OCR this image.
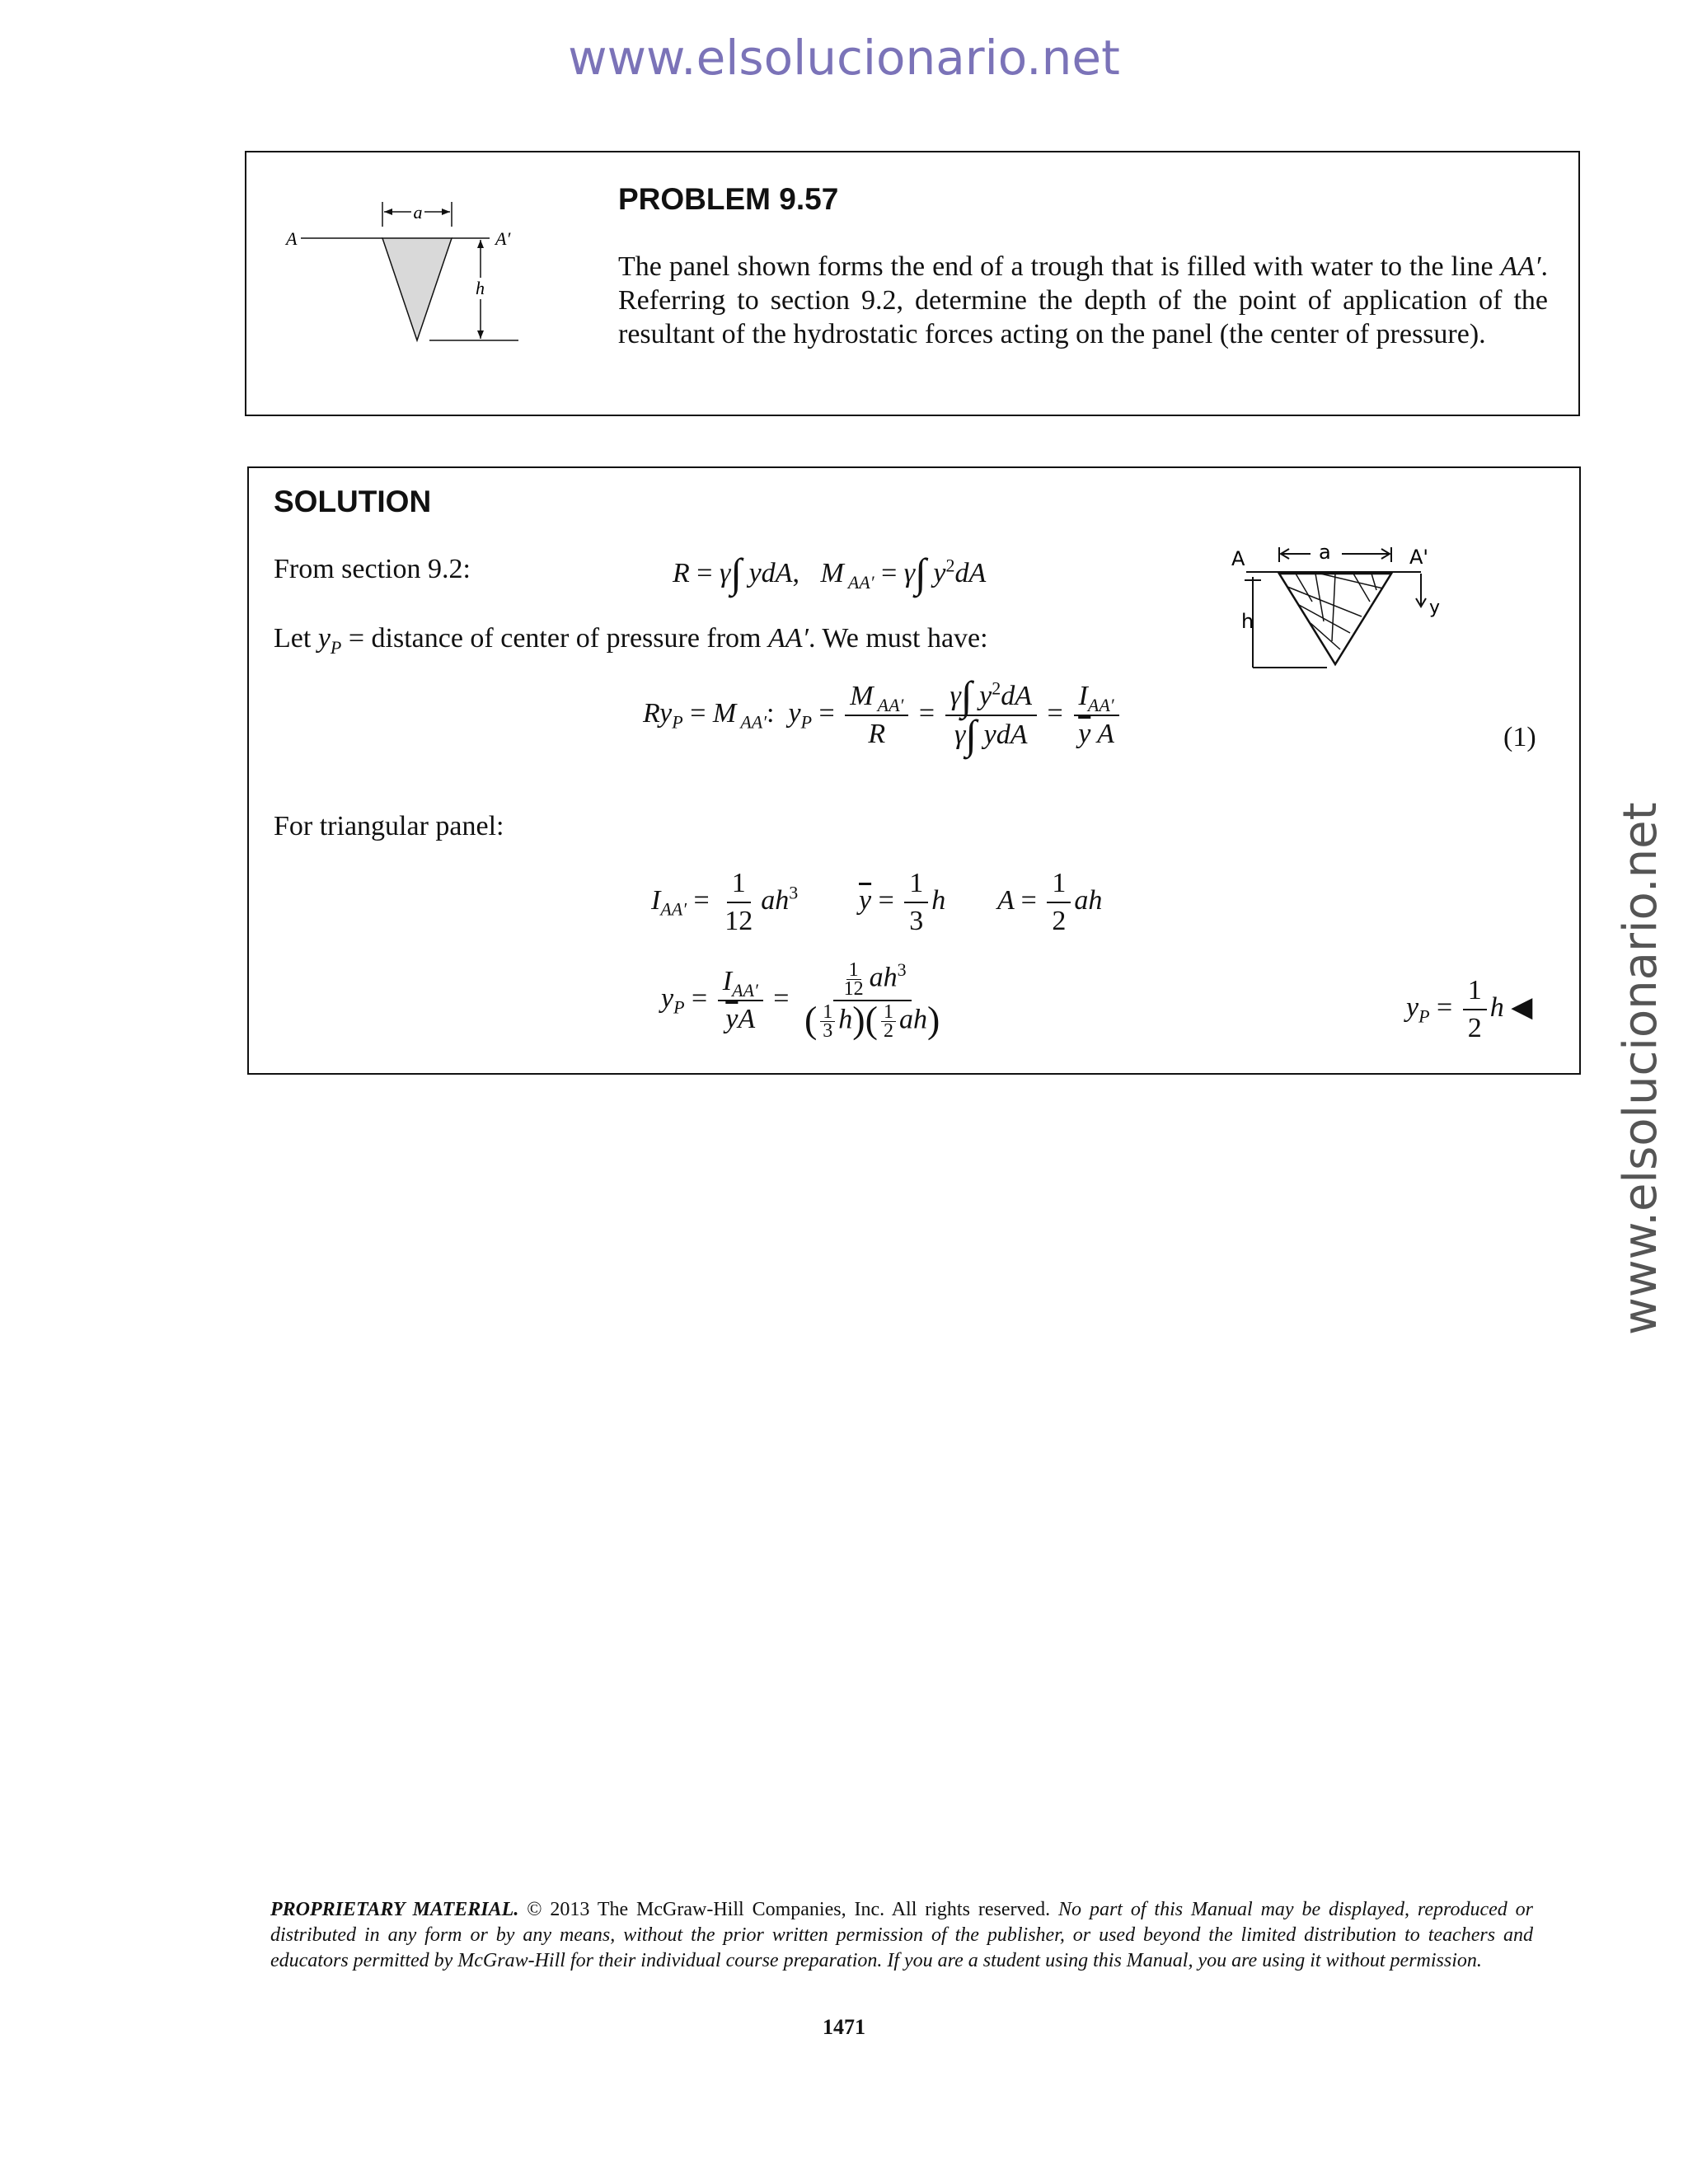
www.elsolucionario.net
www.elsolucionario.net
a
A	A′
h
PROBLEM 9.57
The panel shown forms the end of a trough that is filled with water to the line AA′. Referring to section 9.2, determine the depth of the point of application of the resultant of the hydrostatic forces acting on the panel (the center of pressure).
SOLUTION
From section 9.2:	R = γ∫ ydA,   M $_{AA'}$ = γ∫ $y^2dA$
Let $y_P$ = distance of center of pressure from AA′. We must have:
$Ry_P = M$ $_{AA'}$:  $y_P = \frac{M _{AA'}}{R} = \frac{\gamma\int y^2dA}{\text{γ∫ ydA}} = \frac{I_{AA'}}{\overline{y} A}$	(1)
For triangular panel:
$I_{AA'} = \frac{1}{12} ah^3$ $\overline{y} = \frac{1}{3}$ h $A = \frac{1}{2}$ ah
$y_P = \frac{I_{AA'}}{\overline{y}A} = \frac{\frac{1}{12} ah^3}{( \frac{1}{3} h)( \frac{1}{2} ah)}$	$y_P = \frac{1}{2}$ h ◀
A	a	A'
h
y
PROPRIETARY MATERIAL. © 2013 The McGraw-Hill Companies, Inc. All rights reserved. No part of this Manual may be displayed, reproduced or distributed in any form or by any means, without the prior written permission of the publisher, or used beyond the limited distribution to teachers and educators permitted by McGraw-Hill for their individual course preparation. If you are a student using this Manual, you are using it without permission.
1471
